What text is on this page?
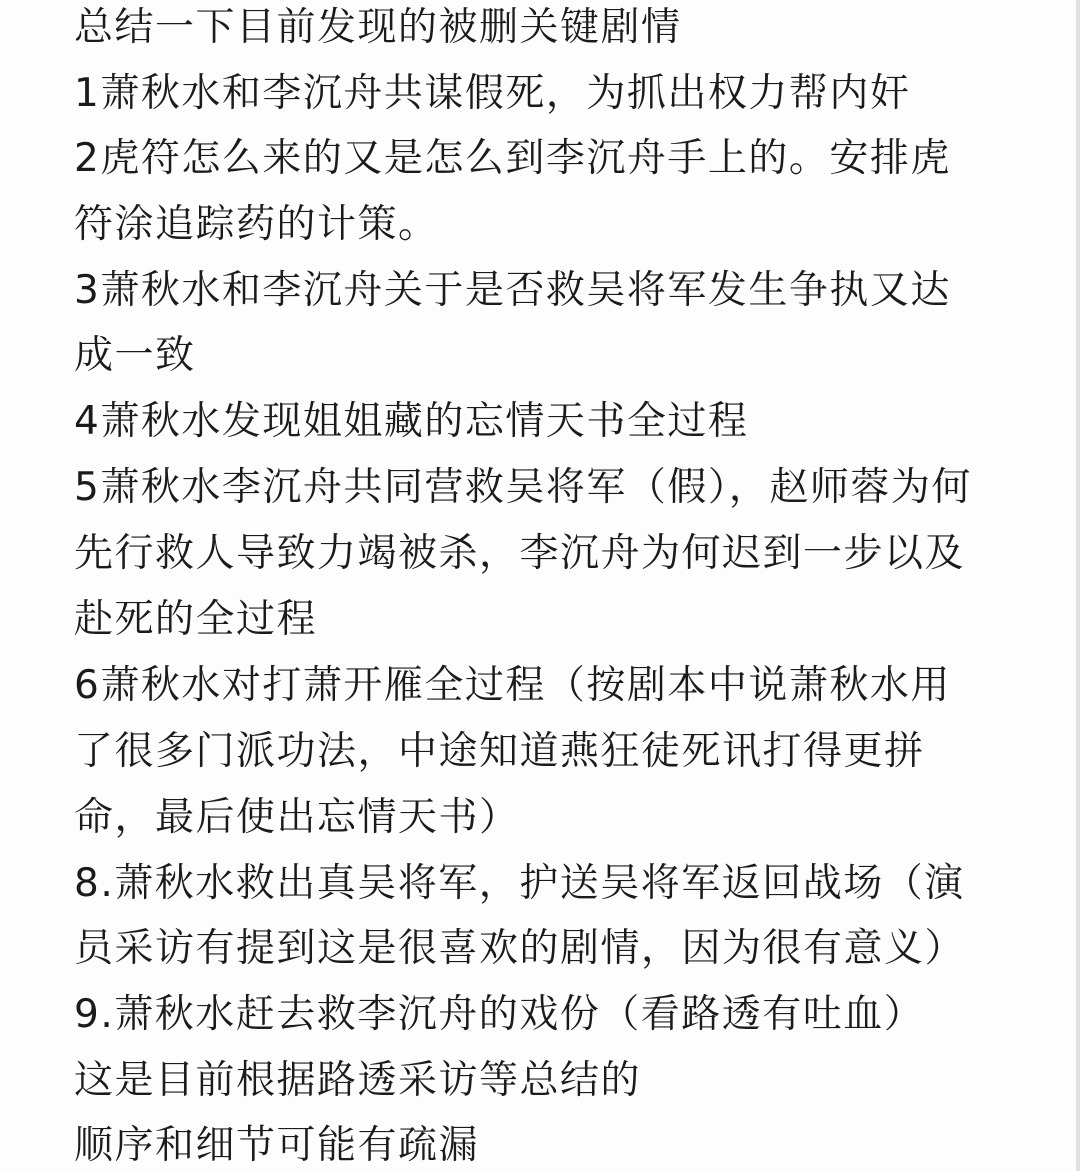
总结一下目前发现的被删关键剧情
1萧秋水和李沉舟共谋假死，为抓出权力帮内奸
2虎符怎么来的又是怎么到李沉舟手上的。安排虎
符涂追踪药的计策。
3萧秋水和李沉舟关于是否救吴将军发生争执又达
成一致
4萧秋水发现姐姐藏的忘情天书全过程
5萧秋水李沉舟共同营救吴将军（假），赵师蓉为何
先行救人导致力竭被杀，李沉舟为何迟到一步以及
赴死的全过程
6萧秋水对打萧开雁全过程（按剧本中说萧秋水用
了很多门派功法，中途知道燕狂徒死讯打得更拼
命，最后使出忘情天书）
8.萧秋水救出真吴将军，护送吴将军返回战场（演
员采访有提到这是很喜欢的剧情，因为很有意义）
9.萧秋水赶去救李沉舟的戏份（看路透有吐血）
这是目前根据路透采访等总结的
顺序和细节可能有疏漏
